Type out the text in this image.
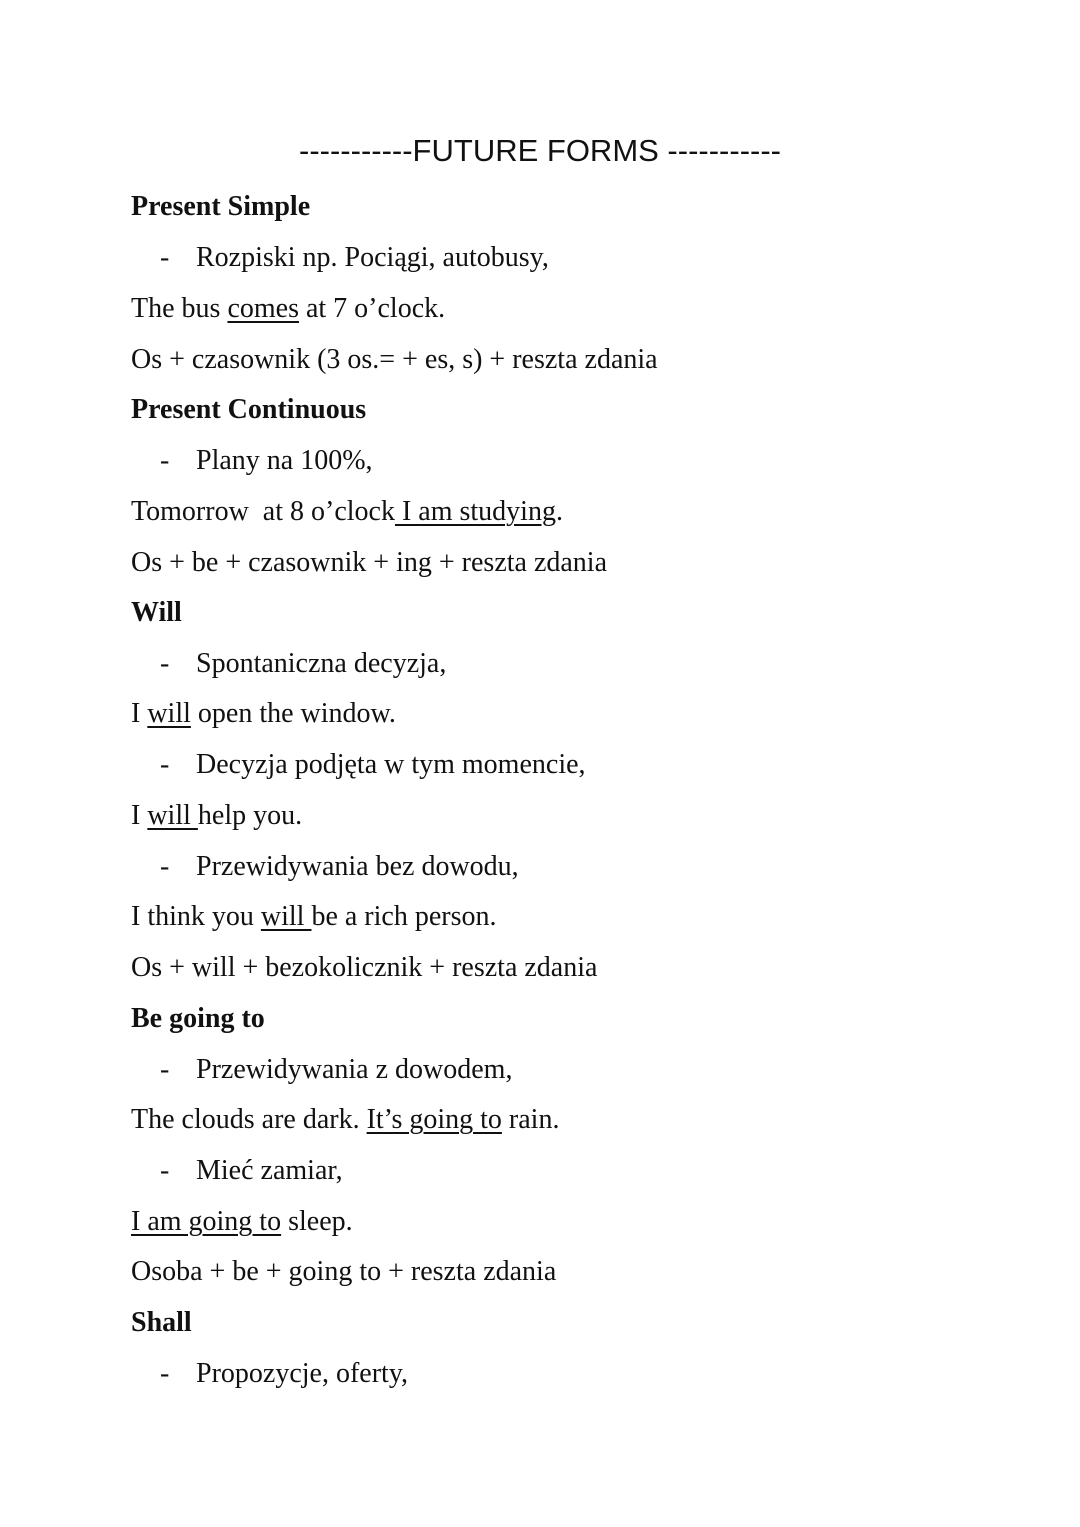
-----------FUTURE FORMS -----------
Present Simple
- Rozpiski np. Pociągi, autobusy,
The bus comes at 7 o’clock.
Os + czasownik (3 os.= + es, s) + reszta zdania
Present Continuous
- Plany na 100%,
Tomorrow  at 8 o’clock I am studying.
Os + be + czasownik + ing + reszta zdania
Will
- Spontaniczna decyzja,
I will open the window.
- Decyzja podjęta w tym momencie,
I will help you.
- Przewidywania bez dowodu,
I think you will be a rich person.
Os + will + bezokolicznik + reszta zdania
Be going to
- Przewidywania z dowodem,
The clouds are dark. It’s going to rain.
- Mieć zamiar,
I am going to sleep.
Osoba + be + going to + reszta zdania
Shall
- Propozycje, oferty,
